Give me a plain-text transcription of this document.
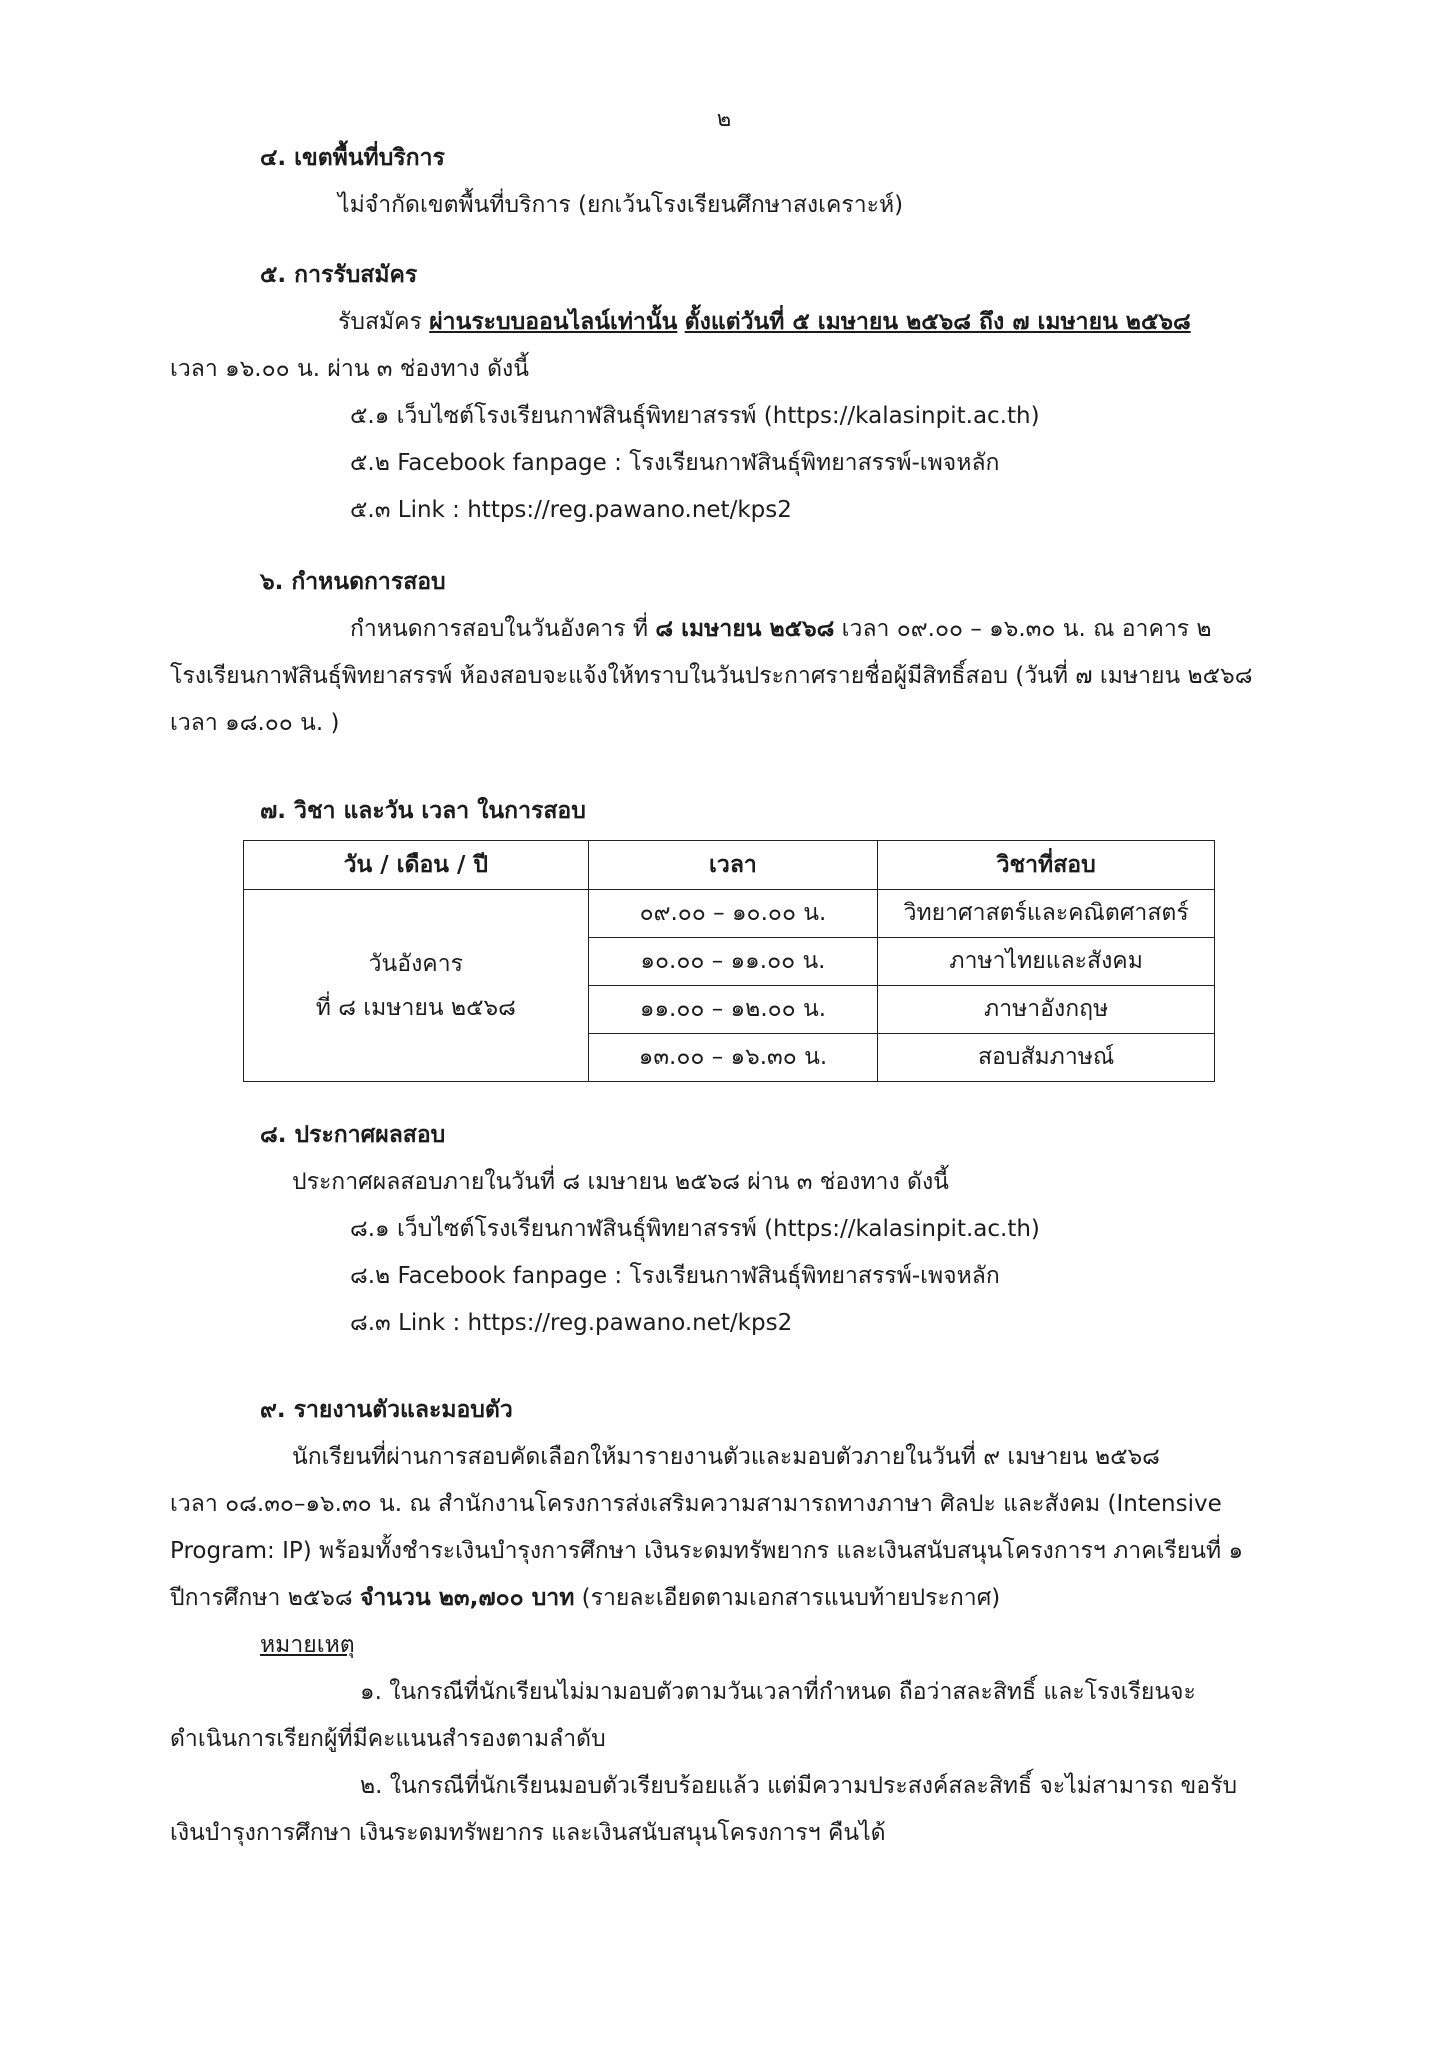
๒
๔. เขตพื้นที่บริการ
ไม่จำกัดเขตพื้นที่บริการ (ยกเว้นโรงเรียนศึกษาสงเคราะห์)
๕. การรับสมัคร
รับสมัคร ผ่านระบบออนไลน์เท่านั้น ตั้งแต่วันที่ ๕ เมษายน ๒๕๖๘ ถึง ๗ เมษายน ๒๕๖๘
เวลา ๑๖.๐๐ น. ผ่าน ๓ ช่องทาง ดังนี้
๕.๑ เว็บไซต์โรงเรียนกาฬสินธุ์พิทยาสรรพ์ (https://kalasinpit.ac.th)
๕.๒ Facebook fanpage : โรงเรียนกาฬสินธุ์พิทยาสรรพ์-เพจหลัก
๕.๓ Link : https://reg.pawano.net/kps2
๖. กำหนดการสอบ
กำหนดการสอบในวันอังคาร ที่ ๘ เมษายน ๒๕๖๘ เวลา ๐๙.๐๐ – ๑๖.๓๐ น. ณ อาคาร ๒
โรงเรียนกาฬสินธุ์พิทยาสรรพ์ ห้องสอบจะแจ้งให้ทราบในวันประกาศรายชื่อผู้มีสิทธิ์สอบ (วันที่ ๗ เมษายน ๒๕๖๘
เวลา ๑๘.๐๐ น. )
๗. วิชา และวัน เวลา ในการสอบ
วัน / เดือน / ปี	เวลา	วิชาที่สอบ

วันอังคาร
ที่ ๘ เมษายน ๒๕๖๘	๐๙.๐๐ – ๑๐.๐๐ น.	วิทยาศาสตร์และคณิตศาสตร์
	๑๐.๐๐ – ๑๑.๐๐ น.	ภาษาไทยและสังคม
	๑๑.๐๐ – ๑๒.๐๐ น.	ภาษาอังกฤษ
	๑๓.๐๐ – ๑๖.๓๐ น.	สอบสัมภาษณ์
๘. ประกาศผลสอบ
ประกาศผลสอบภายในวันที่ ๘ เมษายน ๒๕๖๘ ผ่าน ๓ ช่องทาง ดังนี้
๘.๑ เว็บไซต์โรงเรียนกาฬสินธุ์พิทยาสรรพ์ (https://kalasinpit.ac.th)
๘.๒ Facebook fanpage : โรงเรียนกาฬสินธุ์พิทยาสรรพ์-เพจหลัก
๘.๓ Link : https://reg.pawano.net/kps2
๙. รายงานตัวและมอบตัว
นักเรียนที่ผ่านการสอบคัดเลือกให้มารายงานตัวและมอบตัวภายในวันที่ ๙ เมษายน ๒๕๖๘
เวลา ๐๘.๓๐–๑๖.๓๐ น. ณ สำนักงานโครงการส่งเสริมความสามารถทางภาษา ศิลปะ และสังคม (Intensive
Program: IP) พร้อมทั้งชำระเงินบำรุงการศึกษา เงินระดมทรัพยากร และเงินสนับสนุนโครงการฯ ภาคเรียนที่ ๑
ปีการศึกษา ๒๕๖๘ จำนวน ๒๓,๗๐๐ บาท (รายละเอียดตามเอกสารแนบท้ายประกาศ)
หมายเหตุ
๑. ในกรณีที่นักเรียนไม่มามอบตัวตามวันเวลาที่กำหนด ถือว่าสละสิทธิ์ และโรงเรียนจะ
ดำเนินการเรียกผู้ที่มีคะแนนสำรองตามลำดับ
๒. ในกรณีที่นักเรียนมอบตัวเรียบร้อยแล้ว แต่มีความประสงค์สละสิทธิ์ จะไม่สามารถ ขอรับ
เงินบำรุงการศึกษา เงินระดมทรัพยากร และเงินสนับสนุนโครงการฯ คืนได้
